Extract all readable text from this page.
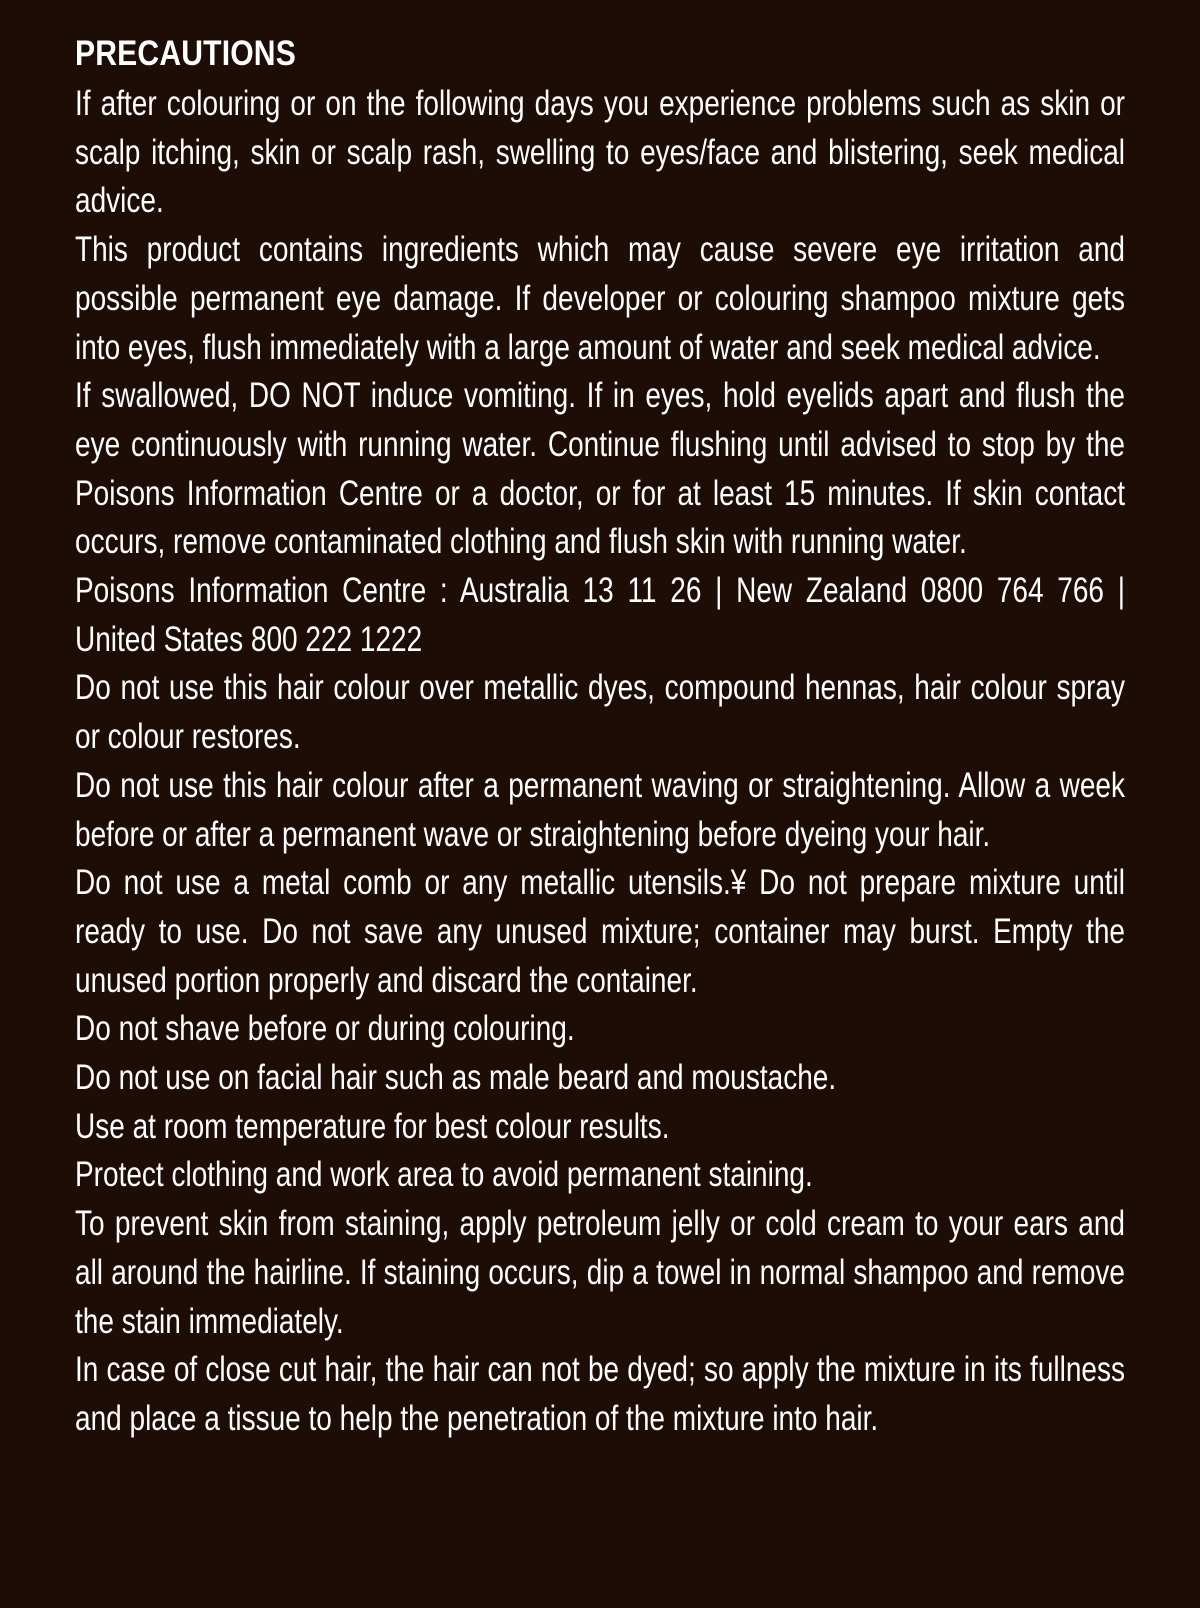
PRECAUTIONS

If after colouring or on the following days you experience problems such as skin or scalp itching, skin or scalp rash, swelling to eyes/face and blistering, seek medical advice.

This product contains ingredients which may cause severe eye irritation and possible permanent eye damage. If developer or colouring shampoo mixture gets into eyes, flush immediately with a large amount of water and seek medical advice.

If swallowed, DO NOT induce vomiting. If in eyes, hold eyelids apart and flush the eye continuously with running water. Continue flushing until advised to stop by the Poisons Information Centre or a doctor, or for at least 15 minutes. If skin contact occurs, remove contaminated clothing and flush skin with running water.

Poisons Information Centre : Australia 13 11 26 | New Zealand 0800 764 766 | United States 800 222 1222

Do not use this hair colour over metallic dyes, compound hennas, hair colour spray or colour restores.

Do not use this hair colour after a permanent waving or straightening. Allow a week before or after a permanent wave or straightening before dyeing your hair.

Do not use a metal comb or any metallic utensils.¥ Do not prepare mixture until ready to use. Do not save any unused mixture; container may burst. Empty the unused portion properly and discard the container.

Do not shave before or during colouring.

Do not use on facial hair such as male beard and moustache.

Use at room temperature for best colour results.

Protect clothing and work area to avoid permanent staining.

To prevent skin from staining, apply petroleum jelly or cold cream to your ears and all around the hairline. If staining occurs, dip a towel in normal shampoo and remove the stain immediately.

In case of close cut hair, the hair can not be dyed; so apply the mixture in its fullness and place a tissue to help the penetration of the mixture into hair.
